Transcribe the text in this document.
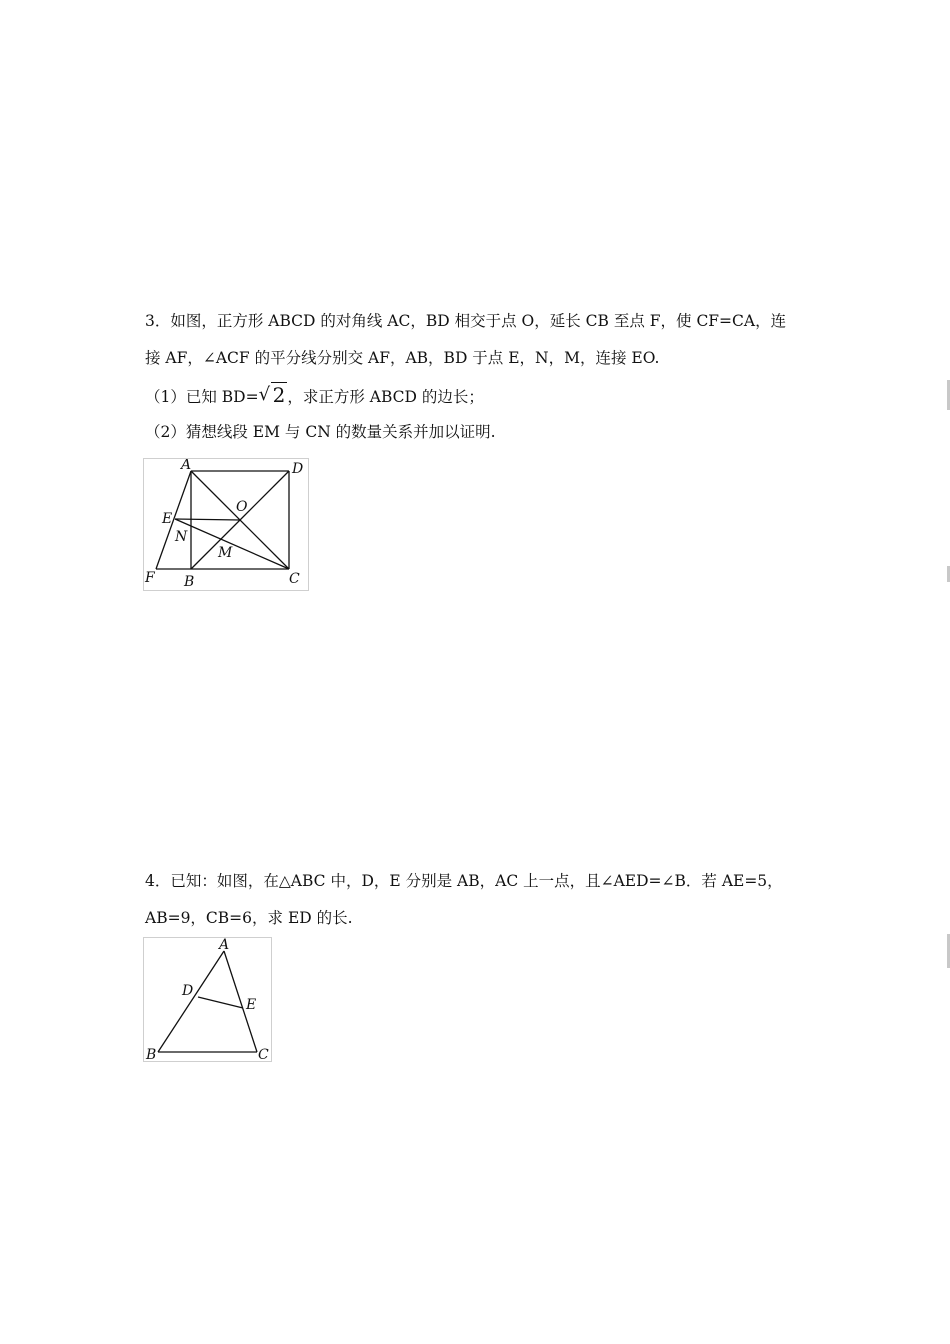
3．如图，正方形 ABCD 的对角线 AC，BD 相交于点 O，延长 CB 至点 F，使 CF=CA，连
接 AF，∠ACF 的平分线分别交 AF，AB，BD 于点 E，N，M，连接 EO.
（1）已知 BD= √ 2 ，求正方形 ABCD 的边长；
（2）猜想线段 EM 与 CN 的数量关系并加以证明.
A	D
O
E
N
M
F B	C
4．已知：如图，在△ABC 中，D，E 分别是 AB，AC 上一点，且∠AED=∠B．若 AE=5，
AB=9，CB=6，求 ED 的长.
A
D
E
B	C
